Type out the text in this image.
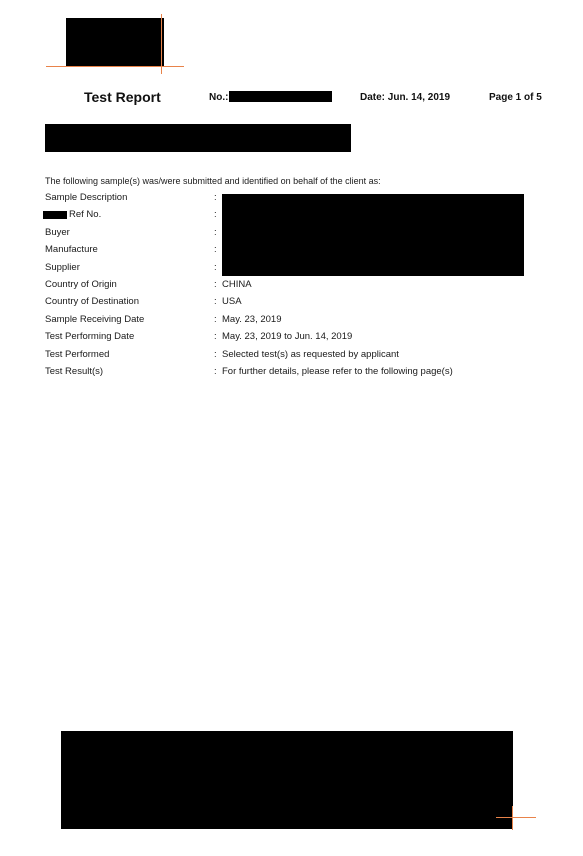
Test Report	No.:	Date: Jun. 14, 2019	Page 1 of 5
The following sample(s) was/were submitted and identified on behalf of the client as:
Sample Description	:
Ref No.	:
Buyer	:
Manufacture	:
Supplier	:
Country of Origin	: CHINA
Country of Destination	: USA
Sample Receiving Date	: May. 23, 2019
Test Performing Date	: May. 23, 2019 to Jun. 14, 2019
Test Performed	: Selected test(s) as requested by applicant
Test Result(s)	: For further details, please refer to the following page(s)
